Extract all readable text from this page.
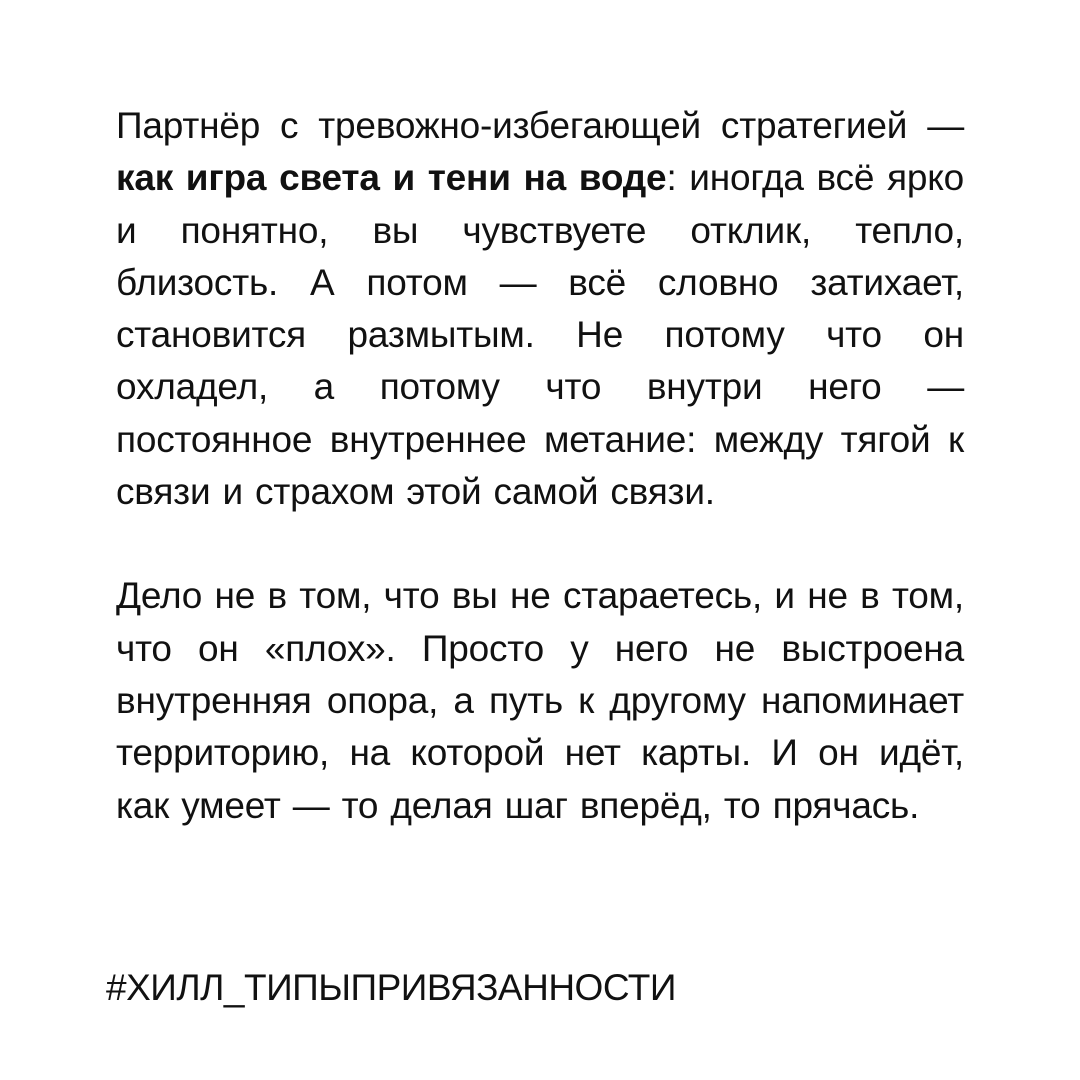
Партнёр с тревожно-избегающей стратегией — как игра света и тени на воде: иногда всё ярко и понятно, вы чувствуете отклик, тепло, близость. А потом — всё словно затихает, становится размытым. Не потому что он охладел, а потому что внутри него — постоянное внутреннее метание: между тягой к связи и страхом этой самой связи.

Дело не в том, что вы не стараетесь, и не в том, что он «плох». Просто у него не выстроена внутренняя опора, а путь к другому напоминает территорию, на которой нет карты. И он идёт, как умеет — то делая шаг вперёд, то прячась.

#ХИЛЛ_ТИПЫПРИВЯЗАННОСТИ
